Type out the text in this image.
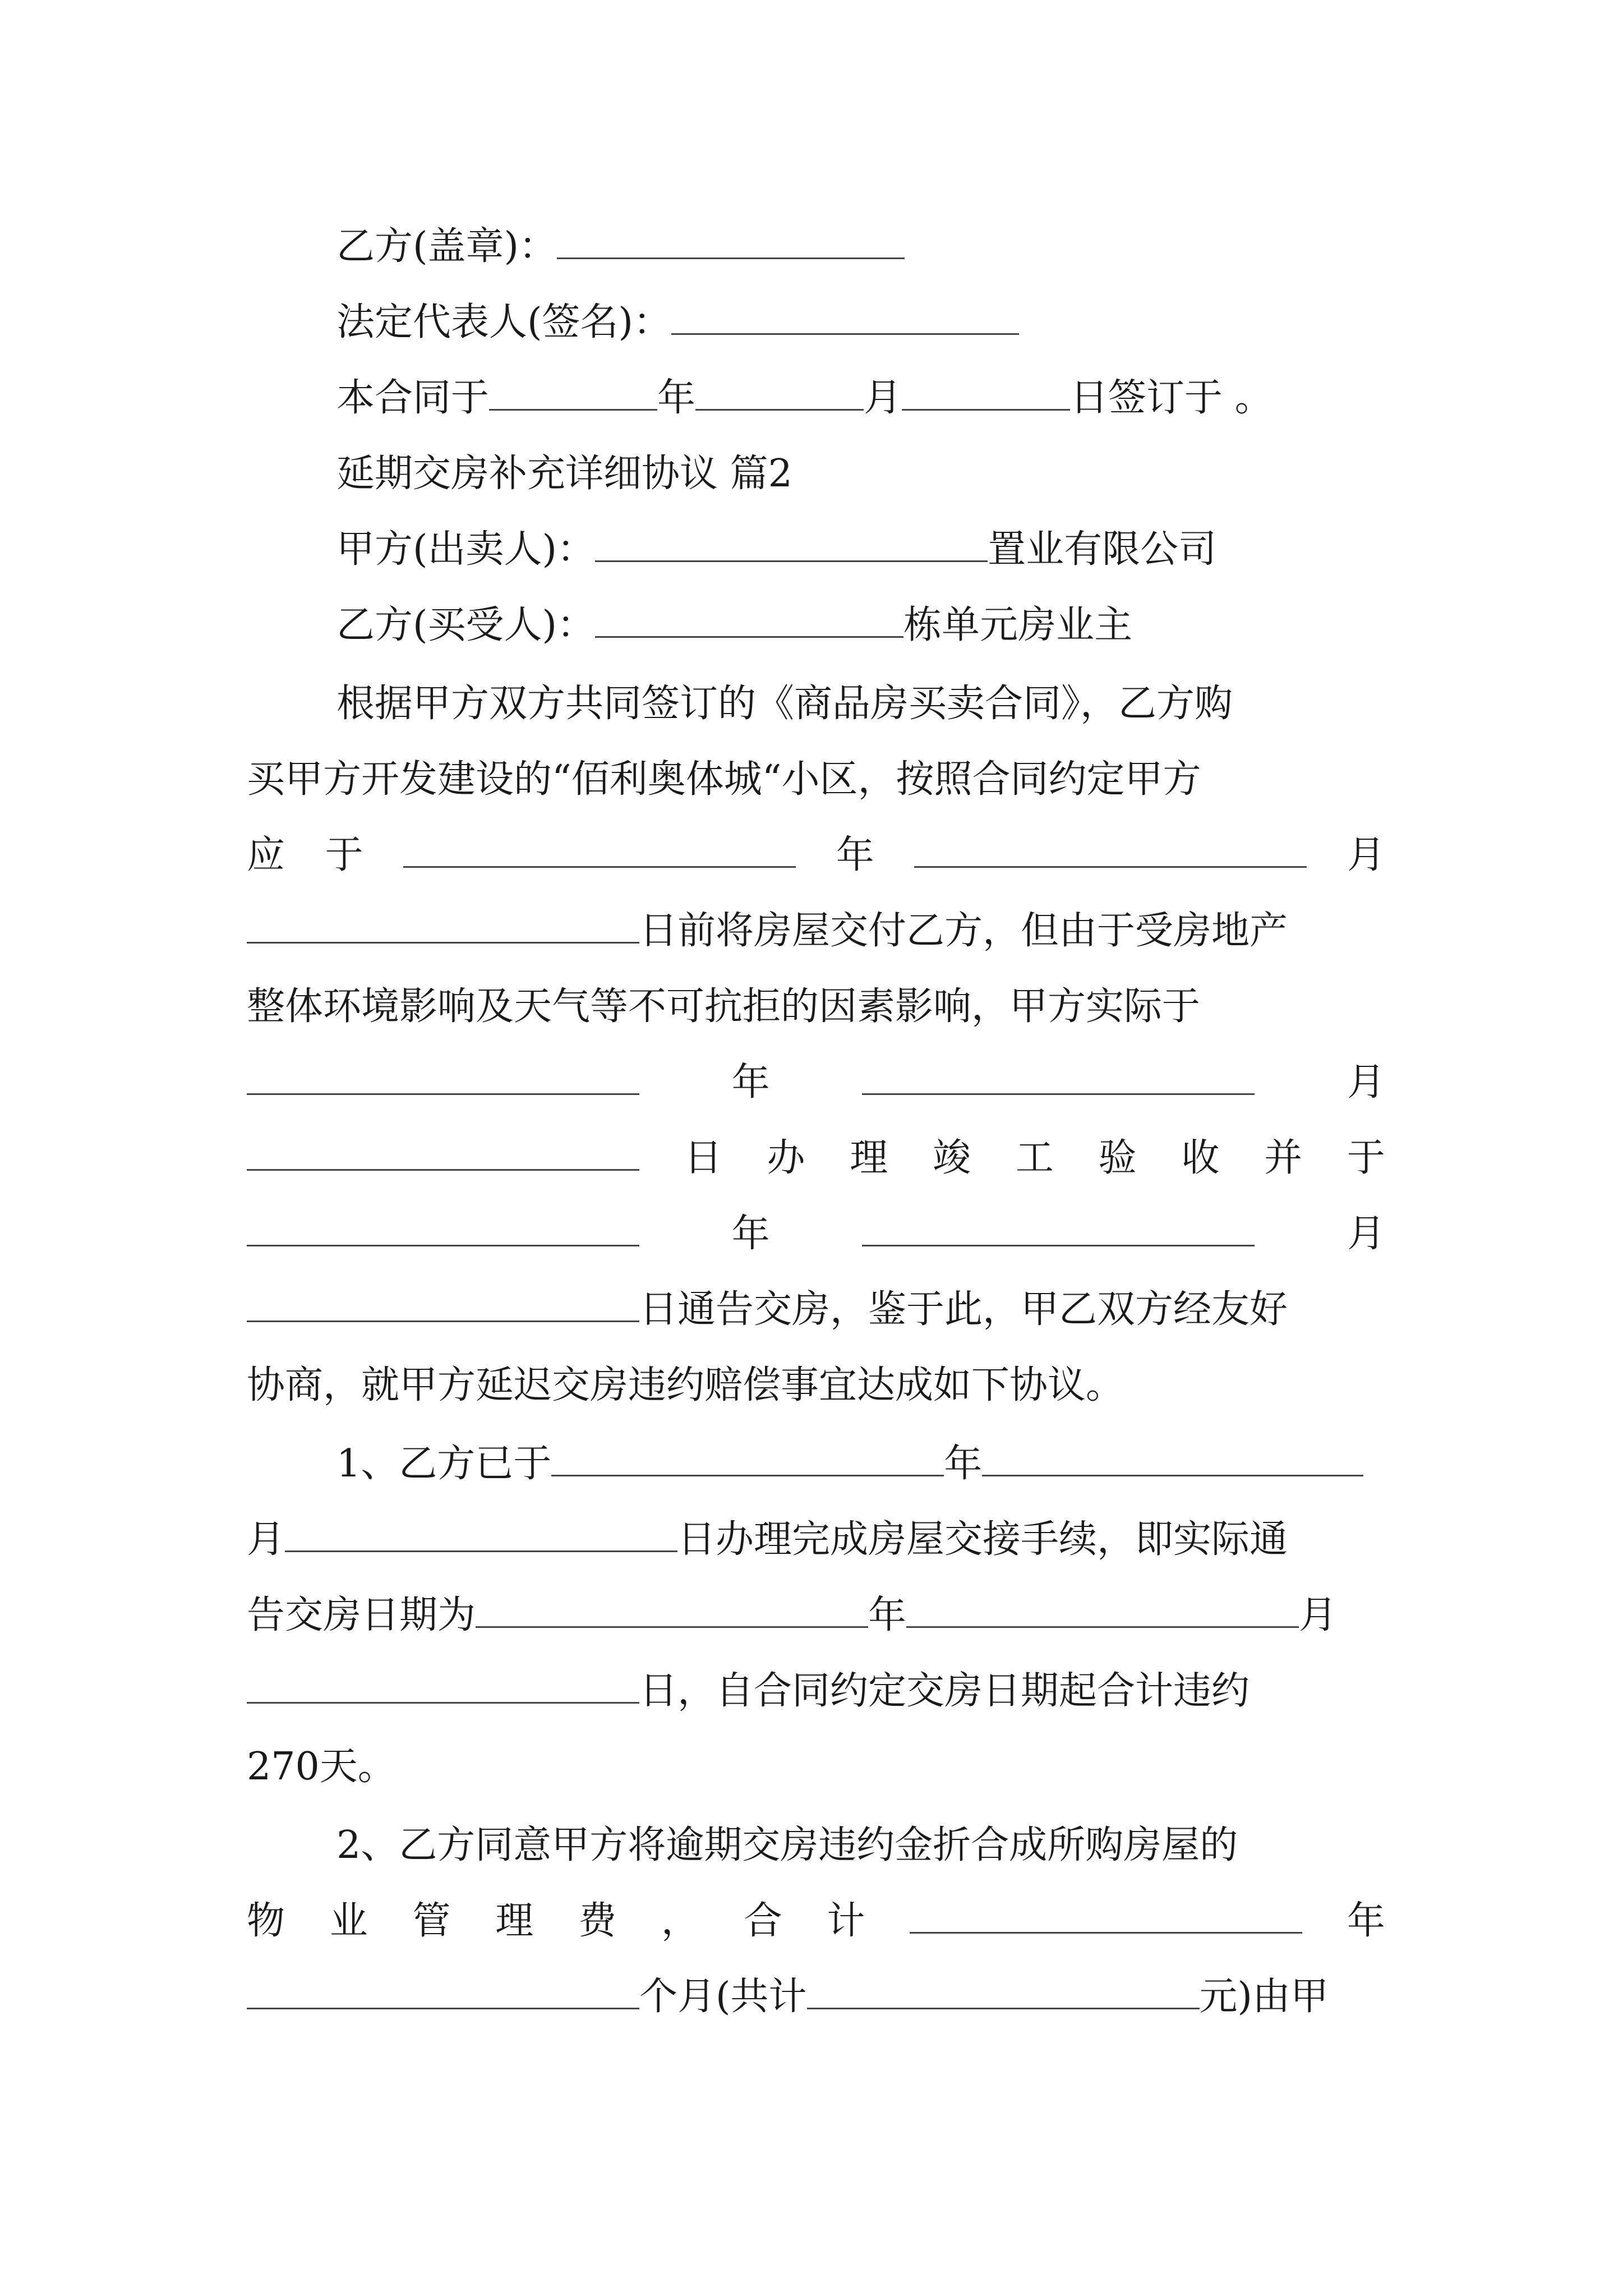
乙方(盖章)：
法定代表人(签名)：
本合同于	年	月	日签订于 。
延期交房补充详细协议 篇2
甲方(出卖人)：	置业有限公司
乙方(买受人)：	栋单元房业主
根据甲方双方共同签订的《商品房买卖合同》，乙方购
买甲方开发建设的“佰利奥体城“小区，按照合同约定甲方
应 于	年	月
日前将房屋交付乙方，但由于受房地产
整体环境影响及天气等不可抗拒的因素影响，甲方实际于
年	月
日 办 理 竣 工 验 收 并 于
年	月
日通告交房，鉴于此，甲乙双方经友好
协商，就甲方延迟交房违约赔偿事宜达成如下协议。
1、乙方已于	年
月	日办理完成房屋交接手续，即实际通
告交房日期为	年	月
日，自合同约定交房日期起合计违约
270天。
2、乙方同意甲方将逾期交房违约金折合成所购房屋的
物 业 管 理 费 ， 合 计	年
个月(共计	元)由甲
